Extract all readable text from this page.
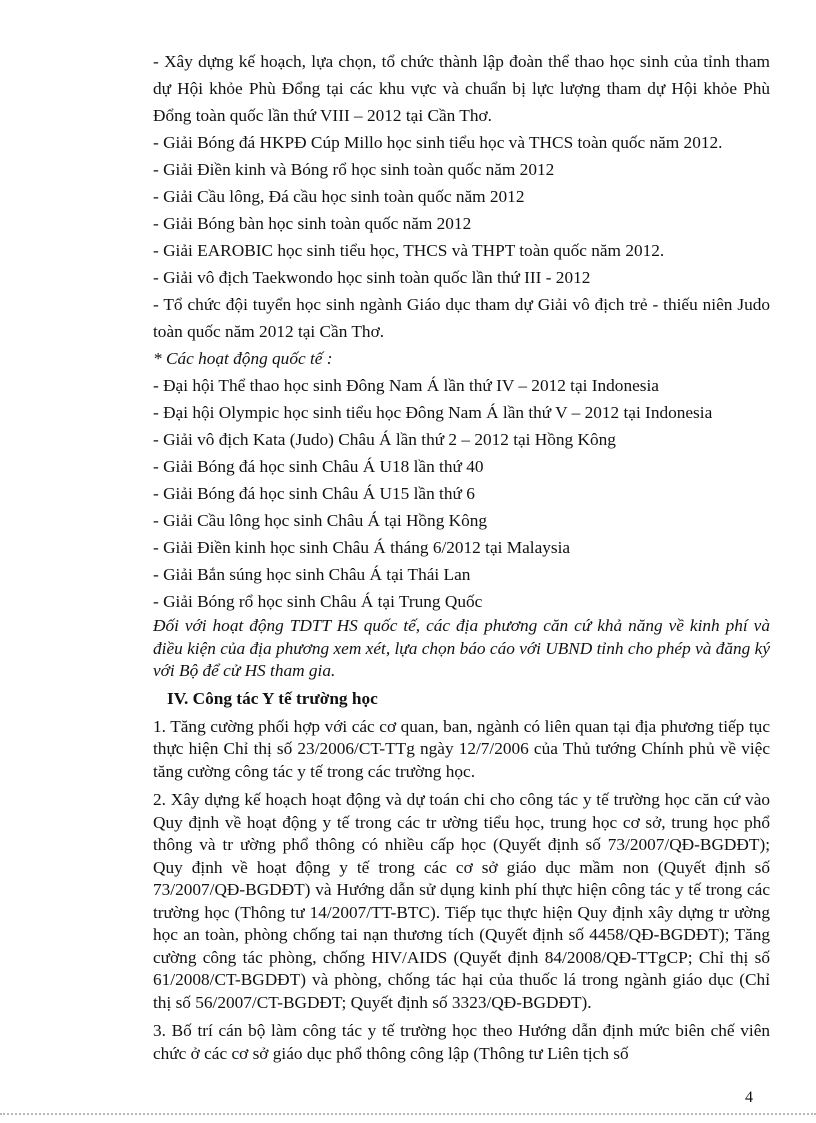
- Xây dựng kế hoạch, lựa chọn, tổ chức thành lập đoàn thể thao học sinh của tỉnh tham dự Hội khỏe Phù Đổng tại các khu vực và chuẩn bị lực lượng tham dự Hội khỏe Phù Đổng toàn quốc lần thứ VIII – 2012 tại Cần Thơ.

- Giải Bóng đá HKPĐ Cúp Millo học sinh tiểu học và THCS toàn quốc năm 2012.

- Giải Điền kinh và Bóng rổ học sinh toàn quốc năm 2012

- Giải Cầu lông, Đá cầu học sinh toàn quốc năm 2012

- Giải Bóng bàn học sinh toàn quốc năm 2012

- Giải EAROBIC học sinh tiểu học, THCS và THPT toàn quốc năm 2012.

- Giải vô địch Taekwondo học sinh toàn quốc lần thứ III - 2012

- Tổ chức đội tuyển học sinh ngành Giáo dục tham dự Giải vô địch trẻ - thiếu niên Judo toàn quốc năm 2012 tại Cần Thơ.

* Các hoạt động quốc tế :

- Đại hội Thể thao học sinh Đông Nam Á lần thứ IV – 2012 tại Indonesia

- Đại hội Olympic học sinh tiểu học Đông Nam Á lần thứ V – 2012 tại Indonesia

- Giải vô địch Kata (Judo) Châu Á lần thứ 2 – 2012 tại Hồng Kông

- Giải Bóng đá học sinh Châu Á U18 lần thứ 40

- Giải Bóng đá học sinh Châu Á U15 lần thứ 6

- Giải Cầu lông học sinh Châu Á tại Hồng Kông

- Giải Điền kinh học sinh Châu Á tháng 6/2012 tại Malaysia

- Giải Bắn súng học sinh Châu Á tại Thái Lan

- Giải Bóng rổ học sinh Châu Á tại Trung Quốc

Đối với hoạt động TDTT HS quốc tế, các địa phương căn cứ khả năng về kinh phí và điều kiện của địa phương xem xét, lựa chọn báo cáo với UBND tỉnh cho phép và đăng ký với Bộ để cử HS tham gia.

IV. Công tác Y tế trường học

1. Tăng cường phối hợp với các cơ quan, ban, ngành có liên quan tại địa phương tiếp tục thực hiện Chỉ thị số 23/2006/CT-TTg ngày 12/7/2006 của Thủ tướng Chính phủ về việc tăng cường công tác y tế trong các trường học.

2. Xây dựng kế hoạch hoạt động và dự toán chi cho công tác y tế trường học căn cứ vào Quy định về hoạt động y tế trong các tr ường tiểu học, trung học cơ sở, trung học phổ thông và tr ường phổ thông có nhiều cấp học (Quyết định số 73/2007/QĐ-BGDĐT); Quy định về hoạt động y tế trong các cơ sở giáo dục mầm non (Quyết định số 73/2007/QĐ-BGDĐT) và Hướng dẫn sử dụng kinh phí thực hiện công tác y tế trong các trường học (Thông tư 14/2007/TT-BTC). Tiếp tục thực hiện Quy định xây dựng tr ường học an toàn, phòng chống tai nạn thương tích (Quyết định số 4458/QĐ-BGDĐT); Tăng cường công tác phòng, chống HIV/AIDS (Quyết định 84/2008/QĐ-TTgCP; Chỉ thị số 61/2008/CT-BGDĐT) và phòng, chống tác hại của thuốc lá trong ngành giáo dục (Chỉ thị số 56/2007/CT-BGDĐT; Quyết định số 3323/QĐ-BGDĐT).

3. Bố trí cán bộ làm công tác y tế trường học theo Hướng dẫn định mức biên chế viên chức ở các cơ sở giáo dục phổ thông công lập (Thông tư Liên tịch số

4
